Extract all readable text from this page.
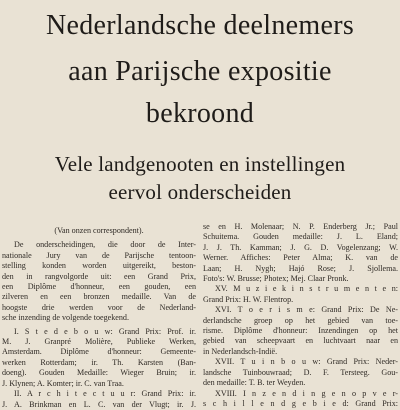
Nederlandsche deelnemers
aan Parijsche expositie
bekroond
Vele landgenooten en instellingen
eervol onderscheiden
(Van onzen correspondent).
De onderscheidingen, die door de Inter-
nationale Jury van de Parijsche tentoon-
stelling konden worden uitgereikt, beston-
den in rangvolgorde uit: een Grand Prix,
een Diplôme d'honneur, een gouden, een
zilveren en een bronzen medaille. Van de
hoogste drie werden voor de Nederland-
sche inzending de volgende toegekend.
I. S t e d e b o u w: Grand Prix: Prof. ir.
M. J. Granpré Molière, Publieke Werken,
Amsterdam. Diplôme d'honneur: Gemeente-
werken Rotterdam; ir. Th. Karsten (Ban-
doeng). Gouden Medaille: Wieger Bruin; ir.
J. Klynen; A. Komter; ir. C. van Traa.
II. A r c h i t e c t u u r: Grand Prix: ir.
J. A. Brinkman en L. C. van der Vlugt; ir. J.
se en H. Molenaar; N. P. Enderberg Jr.; Paul
Schuitema. Gouden medaille: J. L. Eland;
J. J. Th. Kamman; J. G. D. Vogelenzang; W.
Werner. Affiches: Peter Alma; K. van de
Laan; H. Nygh; Hajó Rose; J. Sjollema.
Foto's: W. Brusse; Photex; Mej. Claar Pronk.
XV. M u z i e k i n s t r u m e n t e n:
Grand Prix: H. W. Flentrop.
XVI. T o e r i s m e: Grand Prix: De Ne-
derlandsche groep op het gebied van toe-
risme. Diplôme d'honneur: Inzendingen op het
gebied van scheepvaart en luchtvaart naar en
in Nederlandsch-Indië.
XVII. T u i n b o u w: Grand Prix: Neder-
landsche Tuinbouwraad; D. F. Tersteeg. Gou-
den medaille: T. B. ter Weyden.
XVIII. I n z e n d i n g e n o p v e r-
s c h i l l e n d g e b i e d: Grand Prix:
